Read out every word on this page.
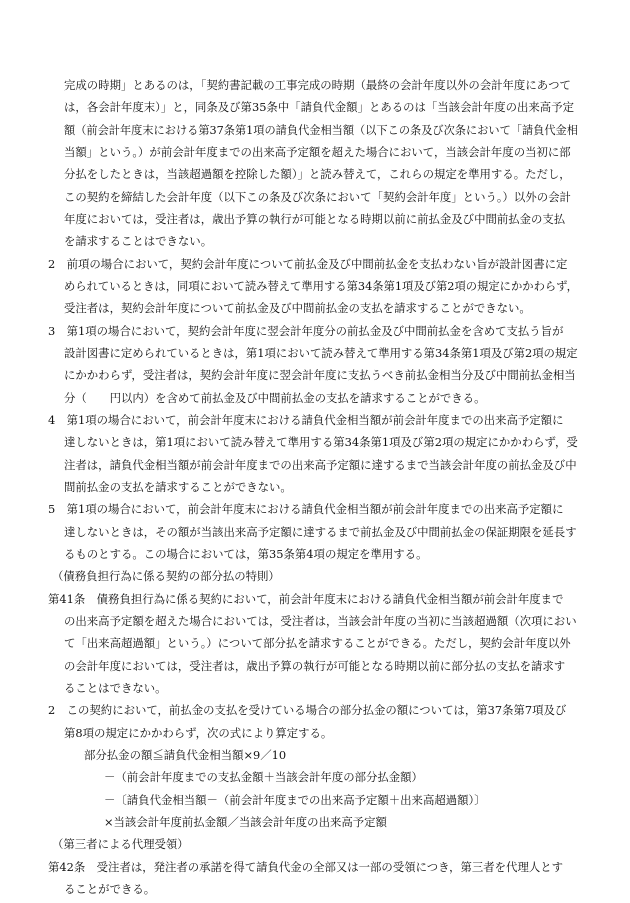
完成の時期」とあるのは，「契約書記載の工事完成の時期（最終の会計年度以外の会計年度にあつて
は，各会計年度末）」と，同条及び第35条中「請負代金額」とあるのは「当該会計年度の出来高予定
額（前会計年度末における第37条第1項の請負代金相当額（以下この条及び次条において「請負代金相
当額」という。）が前会計年度までの出来高予定額を超えた場合において，当該会計年度の当初に部
分払をしたときは，当該超過額を控除した額）」と読み替えて，これらの規定を準用する。ただし，
この契約を締結した会計年度（以下この条及び次条において「契約会計年度」という。）以外の会計
年度においては，受注者は，歳出予算の執行が可能となる時期以前に前払金及び中間前払金の支払
を請求することはできない。
2　前項の場合において，契約会計年度について前払金及び中間前払金を支払わない旨が設計図書に定
められているときは，同項において読み替えて準用する第34条第1項及び第2項の規定にかかわらず，
受注者は，契約会計年度について前払金及び中間前払金の支払を請求することができない。
3　第1項の場合において，契約会計年度に翌会計年度分の前払金及び中間前払金を含めて支払う旨が
設計図書に定められているときは，第1項において読み替えて準用する第34条第1項及び第2項の規定
にかかわらず，受注者は，契約会計年度に翌会計年度に支払うべき前払金相当分及び中間前払金相当
分（　　円以内）を含めて前払金及び中間前払金の支払を請求することができる。
4　第1項の場合において，前会計年度末における請負代金相当額が前会計年度までの出来高予定額に
達しないときは，第1項において読み替えて準用する第34条第1項及び第2項の規定にかかわらず，受
注者は，請負代金相当額が前会計年度までの出来高予定額に達するまで当該会計年度の前払金及び中
間前払金の支払を請求することができない。
5　第1項の場合において，前会計年度末における請負代金相当額が前会計年度までの出来高予定額に
達しないときは，その額が当該出来高予定額に達するまで前払金及び中間前払金の保証期限を延長す
るものとする。この場合においては，第35条第4項の規定を準用する。
（債務負担行為に係る契約の部分払の特則）
第41条　債務負担行為に係る契約において，前会計年度末における請負代金相当額が前会計年度まで
の出来高予定額を超えた場合においては，受注者は，当該会計年度の当初に当該超過額（次項におい
て「出来高超過額」という。）について部分払を請求することができる。ただし，契約会計年度以外
の会計年度においては，受注者は，歳出予算の執行が可能となる時期以前に部分払の支払を請求す
ることはできない。
2　この契約において，前払金の支払を受けている場合の部分払金の額については，第37条第7項及び
第8項の規定にかかわらず，次の式により算定する。
部分払金の額≦請負代金相当額×9／10
－（前会計年度までの支払金額＋当該会計年度の部分払金額）
－〔請負代金相当額－（前会計年度までの出来高予定額＋出来高超過額）〕
×当該会計年度前払金額／当該会計年度の出来高予定額
（第三者による代理受領）
第42条　受注者は，発注者の承諾を得て請負代金の全部又は一部の受領につき，第三者を代理人とす
ることができる。
